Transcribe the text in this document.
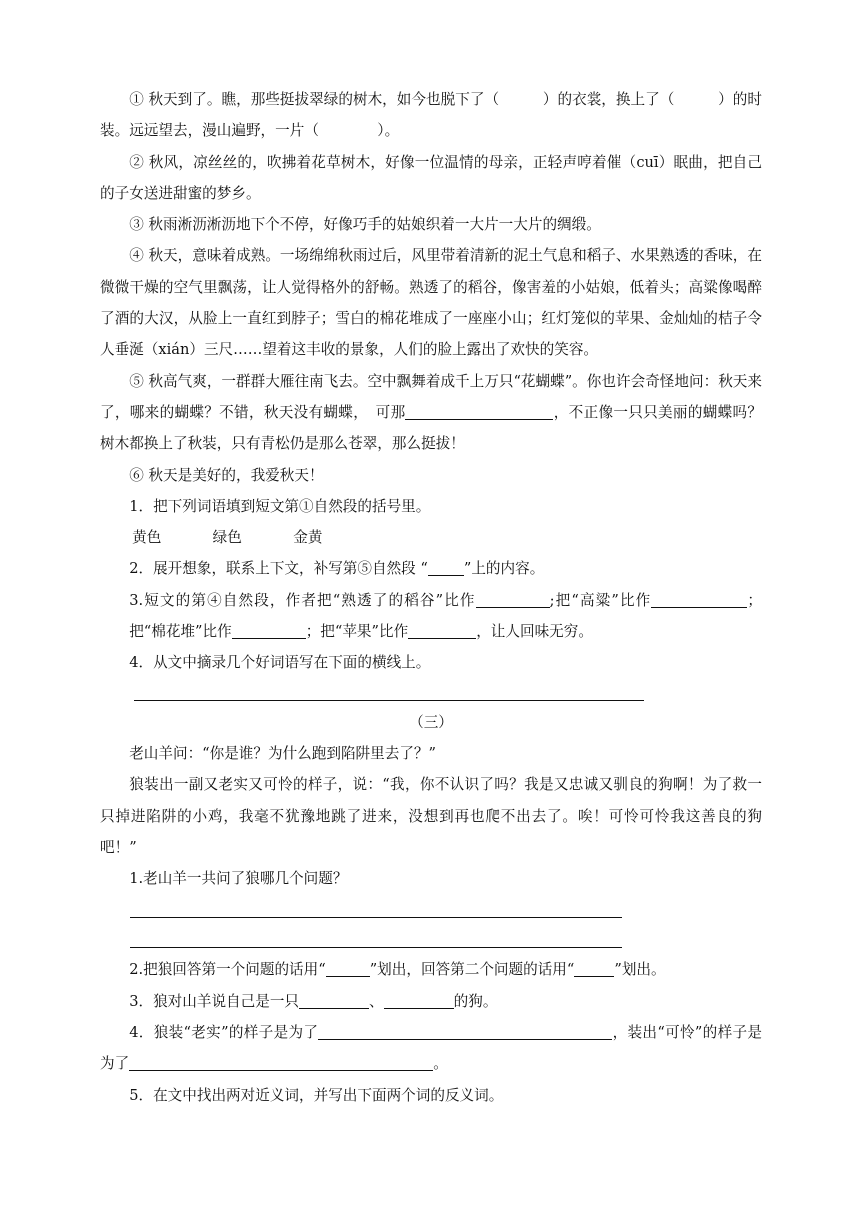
① 秋天到了。瞧，那些挺拔翠绿的树木，如今也脱下了（　　　）的衣裳，换上了（　　　）的时装。远远望去，漫山遍野，一片（　　　　）。

② 秋风，凉丝丝的，吹拂着花草树木，好像一位温情的母亲，正轻声哼着催（cuī）眠曲，把自己的子女送进甜蜜的梦乡。

③ 秋雨淅沥淅沥地下个不停，好像巧手的姑娘织着一大片一大片的绸缎。

④ 秋天，意味着成熟。一场绵绵秋雨过后，风里带着清新的泥土气息和稻子、水果熟透的香味，在微微干燥的空气里飘荡，让人觉得格外的舒畅。熟透了的稻谷，像害羞的小姑娘，低着头；高粱像喝醉了酒的大汉，从脸上一直红到脖子；雪白的棉花堆成了一座座小山；红灯笼似的苹果、金灿灿的桔子令人垂涎（xián）三尺……望着这丰收的景象，人们的脸上露出了欢快的笑容。

⑤ 秋高气爽，一群群大雁往南飞去。空中飘舞着成千上万只“花蝴蝶”。你也许会奇怪地问：秋天来了，哪来的蝴蝶？不错，秋天没有蝴蝶，　可那	，不正像一只只美丽的蝴蝶吗？树木都换上了秋装，只有青松仍是那么苍翠，那么挺拔！

⑥ 秋天是美好的，我爱秋天！

1．把下列词语填到短文第①自然段的括号里。

黄色	绿色	金黄

2．展开想象，联系上下文，补写第⑤自然段 “ ”上的内容。

3.短文的第④自然段，作者把“熟透了的稻谷”比作	;把“高粱”比作	；把“棉花堆”比作	；把“苹果”比作	，让人回味无穷。

4．从文中摘录几个好词语写在下面的横线上。

（三）

老山羊问：“你是谁？为什么跑到陷阱里去了？”

狼装出一副又老实又可怜的样子，说：“我，你不认识了吗？我是又忠诚又驯良的狗啊！为了救一只掉进陷阱的小鸡，我毫不犹豫地跳了进来，没想到再也爬不出去了。唉！可怜可怜我这善良的狗吧！”

1.老山羊一共问了狼哪几个问题？

2.把狼回答第一个问题的话用“	”划出，回答第二个问题的话用“	”划出。

3．狼对山羊说自己是一只	、	的狗。

4．狼装“老实”的样子是为了	，装出“可怜”的样子是为了	。

5．在文中找出两对近义词，并写出下面两个词的反义词。
